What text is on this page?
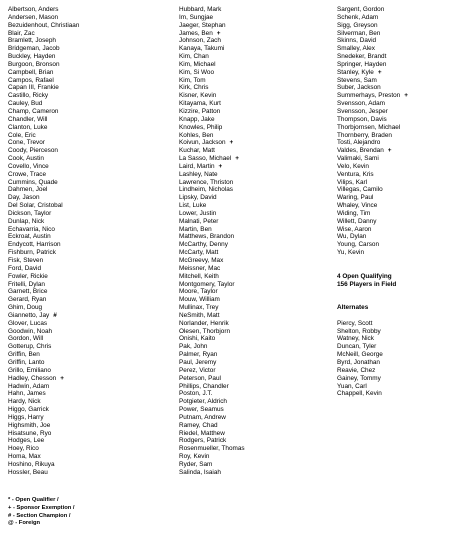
Albertson, Anders
Andersen, Mason
Bezuidenhout, Christiaan
Blair, Zac
Bramlett, Joseph
Bridgeman, Jacob
Buckley, Hayden
Burgoon, Bronson
Campbell, Brian
Campos, Rafael
Capan III, Frankie
Castillo, Ricky
Cauley, Bud
Champ, Cameron
Chandler, Will
Clanton, Luke
Cole, Eric
Cone, Trevor
Coody, Pierceson
Cook, Austin
Covello, Vince
Crowe, Trace
Cummins, Quade
Dahmen, Joel
Day, Jason
Del Solar, Cristobal
Dickson, Taylor
Dunlap, Nick
Echavarria, Nico
Eckroat, Austin
Endycott, Harrison
Fishburn, Patrick
Fisk, Steven
Ford, David
Fowler, Rickie
Fritelli, Dylan
Garnett, Brice
Gerard, Ryan
Ghim, Doug
Giannetto, Jay #
Glover, Lucas
Goodwin, Noah
Gordon, Will
Gotterup, Chris
Griffin, Ben
Griffin, Lanto
Grillo, Emiliano
Hadley, Chesson +
Hadwin, Adam
Hahn, James
Hardy, Nick
Higgo, Garrick
Higgs, Harry
Highsmith, Joe
Hisatsune, Ryo
Hodges, Lee
Hoey, Rico
Homa, Max
Hoshino, Rikuya
Hossler, Beau
Hubbard, Mark
Im, Sungjae
Jaeger, Stephan
James, Ben +
Johnson, Zach
Kanaya, Takumi
Kim, Chan
Kim, Michael
Kim, Si Woo
Kim, Tom
Kirk, Chris
Kisner, Kevin
Kitayama, Kurt
Kizzire, Patton
Knapp, Jake
Knowles, Philip
Kohles, Ben
Koivun, Jackson +
Kuchar, Matt
La Sasso, Michael +
Laird, Martin +
Lashley, Nate
Lawrence, Thriston
Lindheim, Nicholas
Lipsky, David
List, Luke
Lower, Justin
Malnati, Peter
Martin, Ben
Matthews, Brandon
McCarthy, Denny
McCarty, Matt
McGreevy, Max
Meissner, Mac
Mitchell, Keith
Montgomery, Taylor
Moore, Taylor
Mouw, William
Mullinax, Trey
NeSmith, Matt
Norlander, Henrik
Olesen, Thorbjorn
Onishi, Kaito
Pak, John
Palmer, Ryan
Paul, Jeremy
Perez, Victor
Peterson, Paul
Phillips, Chandler
Poston, J.T.
Potgieter, Aldrich
Power, Seamus
Putnam, Andrew
Ramey, Chad
Riedel, Matthew
Rodgers, Patrick
Rosenmueller, Thomas
Roy, Kevin
Ryder, Sam
Salinda, Isaiah
Sargent, Gordon
Schenk, Adam
Sigg, Greyson
Silverman, Ben
Skinns, David
Smalley, Alex
Snedeker, Brandt
Springer, Hayden
Stanley, Kyle +
Stevens, Sam
Suber, Jackson
Summerhays, Preston +
Svensson, Adam
Svensson, Jesper
Thompson, Davis
Thorbjornsen, Michael
Thornberry, Braden
Tosti, Alejandro
Valdes, Brendan +
Valimaki, Sami
Velo, Kevin
Ventura, Kris
Vilips, Karl
Villegas, Camilo
Waring, Paul
Whaley, Vince
Widing, Tim
Willett, Danny
Wise, Aaron
Wu, Dylan
Young, Carson
Yu, Kevin
4 Open Qualifying
156 Players in Field
Alternates
Piercy, Scott
Shelton, Robby
Watney, Nick
Duncan, Tyler
McNeill, George
Byrd, Jonathan
Reavie, Chez
Gainey, Tommy
Yuan, Carl
Chappell, Kevin
* - Open Qualifier /
+ - Sponsor Exemption /
# - Section Champion /
@ - Foreign
